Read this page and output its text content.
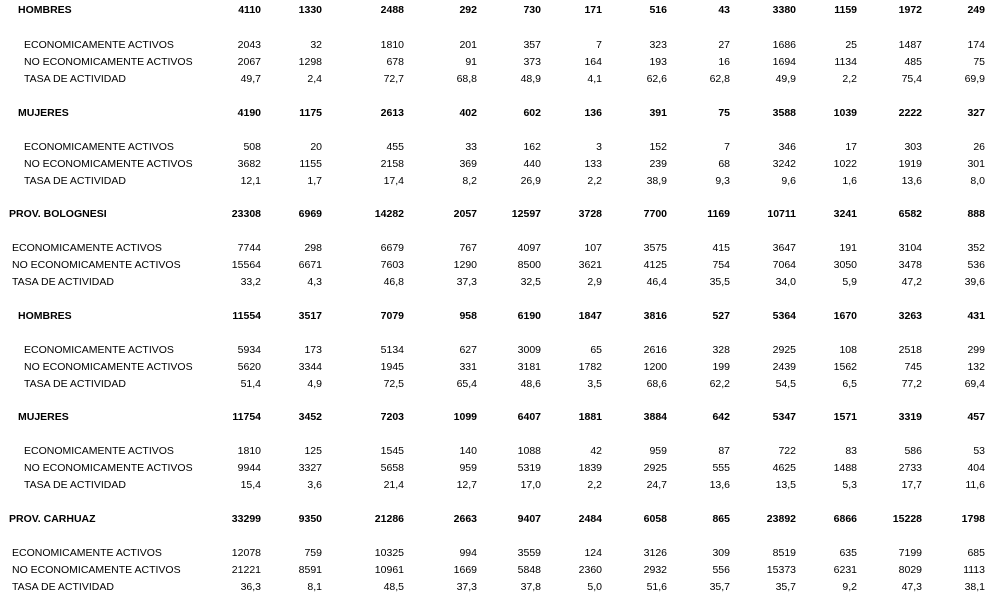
HOMBRES	4110	1330	2488	292	730	171	516	43	3380	1159	1972	249
ECONOMICAMENTE ACTIVOS	2043	32	1810	201	357	7	323	27	1686	25	1487	174
NO ECONOMICAMENTE ACTIVOS	2067	1298	678	91	373	164	193	16	1694	1134	485	75
TASA DE ACTIVIDAD	49,7	2,4	72,7	68,8	48,9	4,1	62,6	62,8	49,9	2,2	75,4	69,9
MUJERES	4190	1175	2613	402	602	136	391	75	3588	1039	2222	327
ECONOMICAMENTE ACTIVOS	508	20	455	33	162	3	152	7	346	17	303	26
NO ECONOMICAMENTE ACTIVOS	3682	1155	2158	369	440	133	239	68	3242	1022	1919	301
TASA DE ACTIVIDAD	12,1	1,7	17,4	8,2	26,9	2,2	38,9	9,3	9,6	1,6	13,6	8,0
PROV. BOLOGNESI	23308	6969	14282	2057	12597	3728	7700	1169	10711	3241	6582	888
ECONOMICAMENTE ACTIVOS	7744	298	6679	767	4097	107	3575	415	3647	191	3104	352
NO ECONOMICAMENTE ACTIVOS	15564	6671	7603	1290	8500	3621	4125	754	7064	3050	3478	536
TASA DE ACTIVIDAD	33,2	4,3	46,8	37,3	32,5	2,9	46,4	35,5	34,0	5,9	47,2	39,6
HOMBRES	11554	3517	7079	958	6190	1847	3816	527	5364	1670	3263	431
ECONOMICAMENTE ACTIVOS	5934	173	5134	627	3009	65	2616	328	2925	108	2518	299
NO ECONOMICAMENTE ACTIVOS	5620	3344	1945	331	3181	1782	1200	199	2439	1562	745	132
TASA DE ACTIVIDAD	51,4	4,9	72,5	65,4	48,6	3,5	68,6	62,2	54,5	6,5	77,2	69,4
MUJERES	11754	3452	7203	1099	6407	1881	3884	642	5347	1571	3319	457
ECONOMICAMENTE ACTIVOS	1810	125	1545	140	1088	42	959	87	722	83	586	53
NO ECONOMICAMENTE ACTIVOS	9944	3327	5658	959	5319	1839	2925	555	4625	1488	2733	404
TASA DE ACTIVIDAD	15,4	3,6	21,4	12,7	17,0	2,2	24,7	13,6	13,5	5,3	17,7	11,6
PROV. CARHUAZ	33299	9350	21286	2663	9407	2484	6058	865	23892	6866	15228	1798
ECONOMICAMENTE ACTIVOS	12078	759	10325	994	3559	124	3126	309	8519	635	7199	685
NO ECONOMICAMENTE ACTIVOS	21221	8591	10961	1669	5848	2360	2932	556	15373	6231	8029	1113
TASA DE ACTIVIDAD	36,3	8,1	48,5	37,3	37,8	5,0	51,6	35,7	35,7	9,2	47,3	38,1
